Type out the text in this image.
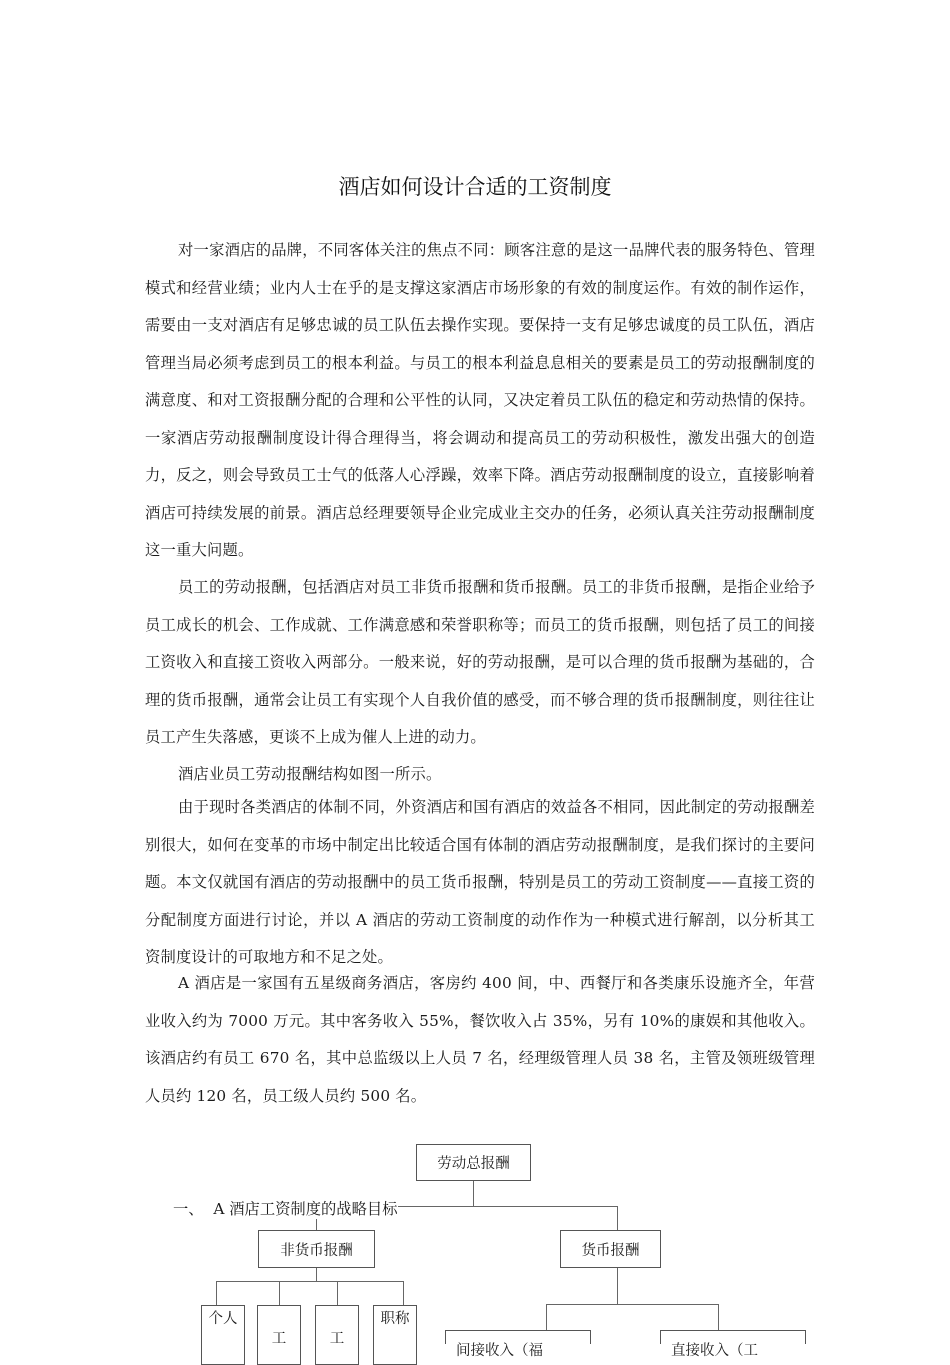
酒店如何设计合适的工资制度

对一家酒店的品牌，不同客体关注的焦点不同：顾客注意的是这一品牌代表的服务特色、管理模式和经营业绩；业内人士在乎的是支撑这家酒店市场形象的有效的制度运作。有效的制作运作，需要由一支对酒店有足够忠诚的员工队伍去操作实现。要保持一支有足够忠诚度的员工队伍，酒店管理当局必须考虑到员工的根本利益。与员工的根本利益息息相关的要素是员工的劳动报酬制度的满意度、和对工资报酬分配的合理和公平性的认同，又决定着员工队伍的稳定和劳动热情的保持。一家酒店劳动报酬制度设计得合理得当，将会调动和提高员工的劳动积极性，激发出强大的创造力，反之，则会导致员工士气的低落人心浮躁，效率下降。酒店劳动报酬制度的设立，直接影响着酒店可持续发展的前景。酒店总经理要领导企业完成业主交办的任务，必须认真关注劳动报酬制度这一重大问题。

员工的劳动报酬，包括酒店对员工非货币报酬和货币报酬。员工的非货币报酬，是指企业给予员工成长的机会、工作成就、工作满意感和荣誉职称等；而员工的货币报酬，则包括了员工的间接工资收入和直接工资收入两部分。一般来说，好的劳动报酬，是可以合理的货币报酬为基础的，合理的货币报酬，通常会让员工有实现个人自我价值的感受，而不够合理的货币报酬制度，则往往让员工产生失落感，更谈不上成为催人上进的动力。

酒店业员工劳动报酬结构如图一所示。

由于现时各类酒店的体制不同，外资酒店和国有酒店的效益各不相同，因此制定的劳动报酬差别很大，如何在变革的市场中制定出比较适合国有体制的酒店劳动报酬制度，是我们探讨的主要问题。本文仅就国有酒店的劳动报酬中的员工货币报酬，特别是员工的劳动工资制度——直接工资的分配制度方面进行讨论，并以 A 酒店的劳动工资制度的动作作为一种模式进行解剖，以分析其工资制度设计的可取地方和不足之处。

A 酒店是一家国有五星级商务酒店，客房约 400 间，中、西餐厅和各类康乐设施齐全，年营业收入约为 7000 万元。其中客务收入 55%，餐饮收入占 35%，另有 10%的康娱和其他收入。该酒店约有员工 670 名，其中总监级以上人员 7 名，经理级管理人员 38 名，主管及领班级管理人员约 120 名，员工级人员约 500 名。

一、  A 酒店工资制度的战略目标
劳动总报酬
非货币报酬	货币报酬
个人
工	工
职称
间接收入（福	直接收入（工
